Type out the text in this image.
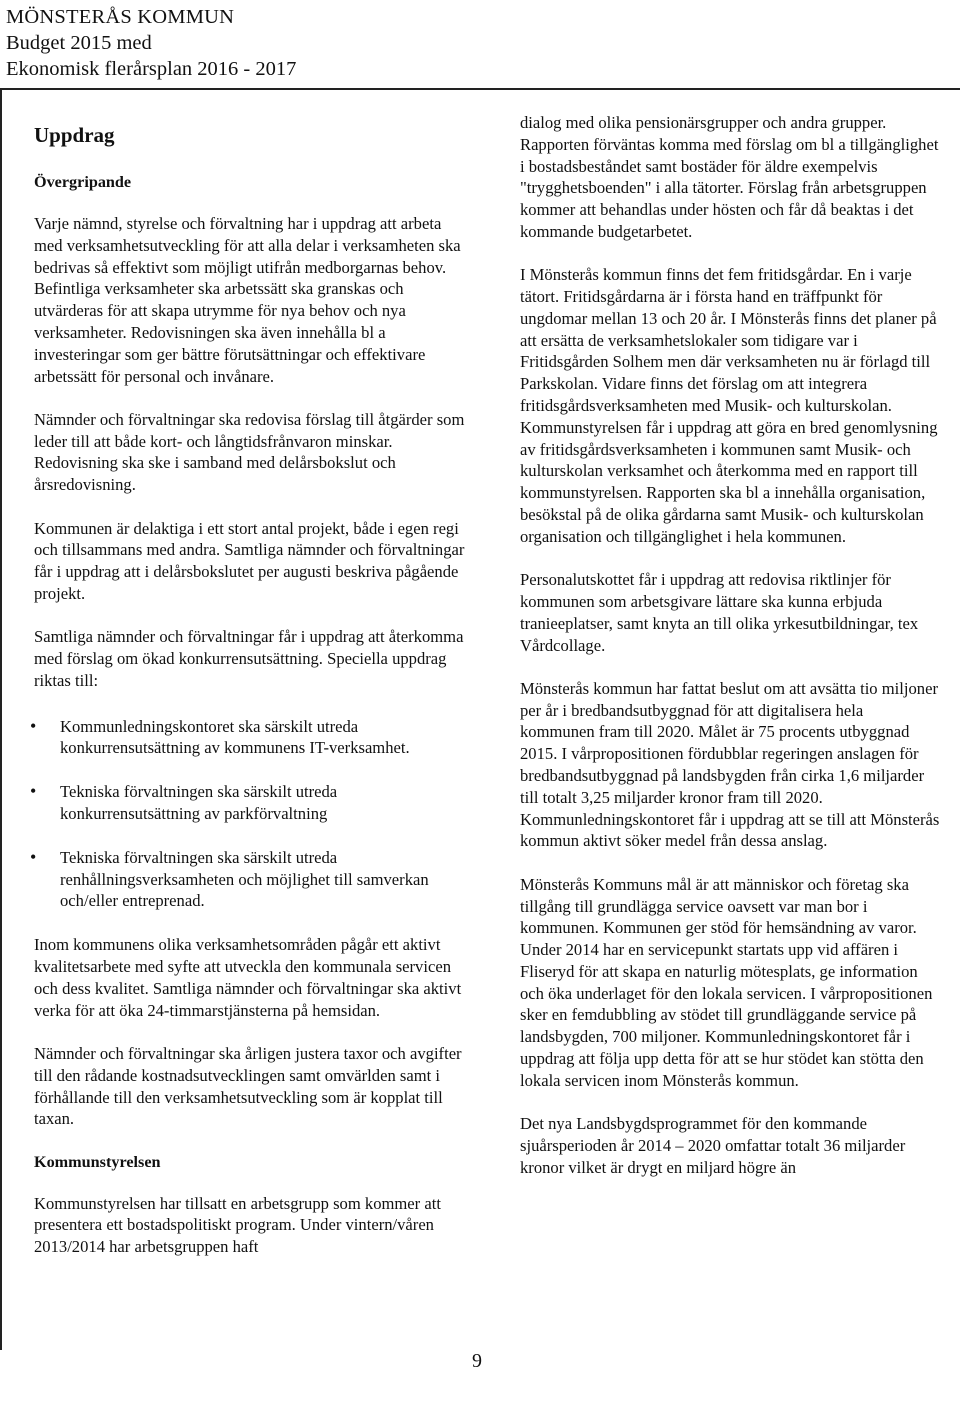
MÖNSTERÅS KOMMUN
Budget 2015 med
Ekonomisk flerårsplan 2016 - 2017
Uppdrag
Övergripande

Varje nämnd, styrelse och förvaltning har i uppdrag att arbeta med verksamhetsutveckling för att alla delar i verksamheten ska bedrivas så effektivt som möjligt utifrån medborgarnas behov. Befintliga verksamheter ska arbetssätt ska granskas och utvärderas för att skapa utrymme för nya behov och nya verksamheter. Redovisningen ska även innehålla bl a investeringar som ger bättre förutsättningar och effektivare arbetssätt för personal och invånare.

Nämnder och förvaltningar ska redovisa förslag till åtgärder som leder till att både kort- och långtidsfrånvaron minskar. Redovisning ska ske i samband med delårsbokslut och årsredovisning.

Kommunen är delaktiga i ett stort antal projekt, både i egen regi och tillsammans med andra. Samtliga nämnder och förvaltningar får i uppdrag att i delårsbokslutet per augusti beskriva pågående projekt.

Samtliga nämnder och förvaltningar får i uppdrag att återkomma med förslag om ökad konkurrensutsättning. Speciella uppdrag riktas till:

• Kommunledningskontoret ska särskilt utreda konkurrensutsättning av kommunens IT-verksamhet.
• Tekniska förvaltningen ska särskilt utreda konkurrensutsättning av parkförvaltning
• Tekniska förvaltningen ska särskilt utreda renhållningsverksamheten och möjlighet till samverkan och/eller entreprenad.

Inom kommunens olika verksamhetsområden pågår ett aktivt kvalitetsarbete med syfte att utveckla den kommunala servicen och dess kvalitet. Samtliga nämnder och förvaltningar ska aktivt verka för att öka 24-timmarstjänsterna på hemsidan.

Nämnder och förvaltningar ska årligen justera taxor och avgifter till den rådande kostnadsutvecklingen samt omvärlden samt i förhållande till den verksamhetsutveckling som är kopplat till taxan.

Kommunstyrelsen

Kommunstyrelsen har tillsatt en arbetsgrupp som kommer att presentera ett bostadspolitiskt program. Under vintern/våren 2013/2014 har arbetsgruppen haft

dialog med olika pensionärsgrupper och andra grupper. Rapporten förväntas komma med förslag om bl a tillgänglighet i bostadsbeståndet samt bostäder för äldre exempelvis "trygghetsboenden" i alla tätorter. Förslag från arbetsgruppen kommer att behandlas under hösten och får då beaktas i det kommande budgetarbetet.

I Mönsterås kommun finns det fem fritidsgårdar. En i varje tätort. Fritidsgårdarna är i första hand en träffpunkt för ungdomar mellan 13 och 20 år. I Mönsterås finns det planer på att ersätta de verksamhetslokaler som tidigare var i Fritidsgården Solhem men där verksamheten nu är förlagd till Parkskolan. Vidare finns det förslag om att integrera fritidsgårdsverksamheten med Musik- och kulturskolan. Kommunstyrelsen får i uppdrag att göra en bred genomlysning av fritidsgårdsverksamheten i kommunen samt Musik- och kulturskolan verksamhet och återkomma med en rapport till kommunstyrelsen. Rapporten ska bl a innehålla organisation, besökstal på de olika gårdarna samt Musik- och kulturskolan organisation och tillgänglighet i hela kommunen.

Personalutskottet får i uppdrag att redovisa riktlinjer för kommunen som arbetsgivare lättare ska kunna erbjuda tranieeplatser, samt knyta an till olika yrkesutbildningar, tex Vårdcollage.

Mönsterås kommun har fattat beslut om att avsätta tio miljoner per år i bredbandsutbyggnad för att digitalisera hela kommunen fram till 2020. Målet är 75 procents utbyggnad 2015. I vårpropositionen fördubblar regeringen anslagen för bredbandsutbyggnad på landsbygden från cirka 1,6 miljarder till totalt 3,25 miljarder kronor fram till 2020. Kommunledningskontoret får i uppdrag att se till att Mönsterås kommun aktivt söker medel från dessa anslag.

Mönsterås Kommuns mål är att människor och företag ska tillgång till grundlägga service oavsett var man bor i kommunen. Kommunen ger stöd för hemsändning av varor. Under 2014 har en servicepunkt startats upp vid affären i Fliseryd för att skapa en naturlig mötesplats, ge information och öka underlaget för den lokala servicen. I vårpropositionen sker en femdubbling av stödet till grundläggande service på landsbygden, 700 miljoner. Kommunledningskontoret får i uppdrag att följa upp detta för att se hur stödet kan stötta den lokala servicen inom Mönsterås kommun.

Det nya Landsbygdsprogrammet för den kommande sjuårsperioden år 2014 – 2020 omfattar totalt 36 miljarder kronor vilket är drygt en miljard högre än

9
